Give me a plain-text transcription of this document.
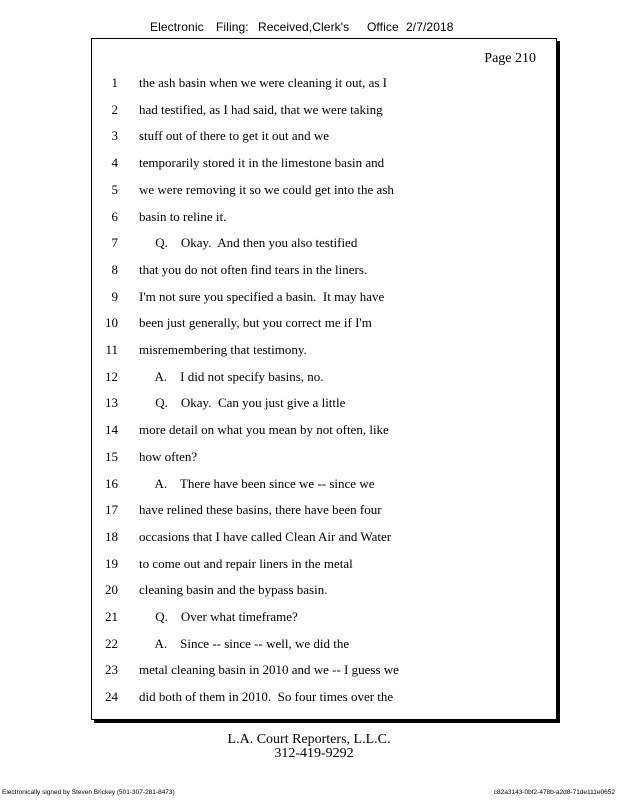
Electronic Filing: Received,Clerk's Office 2/7/2018
Page 210
1 the ash basin when we were cleaning it out, as I
2 had testified, as I had said, that we were taking
3 stuff out of there to get it out and we
4 temporarily stored it in the limestone basin and
5 we were removing it so we could get into the ash
6 basin to reline it.
7 Q.    Okay.  And then you also testified
8 that you do not often find tears in the liners.
9 I'm not sure you specified a basin.  It may have
10 been just generally, but you correct me if I'm
11 misremembering that testimony.
12 A.    I did not specify basins, no.
13 Q.    Okay.  Can you just give a little
14 more detail on what you mean by not often, like
15 how often?
16 A.    There have been since we -- since we
17 have relined these basins, there have been four
18 occasions that I have called Clean Air and Water
19 to come out and repair liners in the metal
20 cleaning basin and the bypass basin.
21 Q.    Over what timeframe?
22 A.    Since -- since -- well, we did the
23 metal cleaning basin in 2010 and we -- I guess we
24 did both of them in 2010.  So four times over the
L.A. Court Reporters, L.L.C.
312-419-9292
Electronically signed by Steven Brickey (501-307-281-8473)	c82a3143-0bf2-478b-a2d8-71de111e0652
